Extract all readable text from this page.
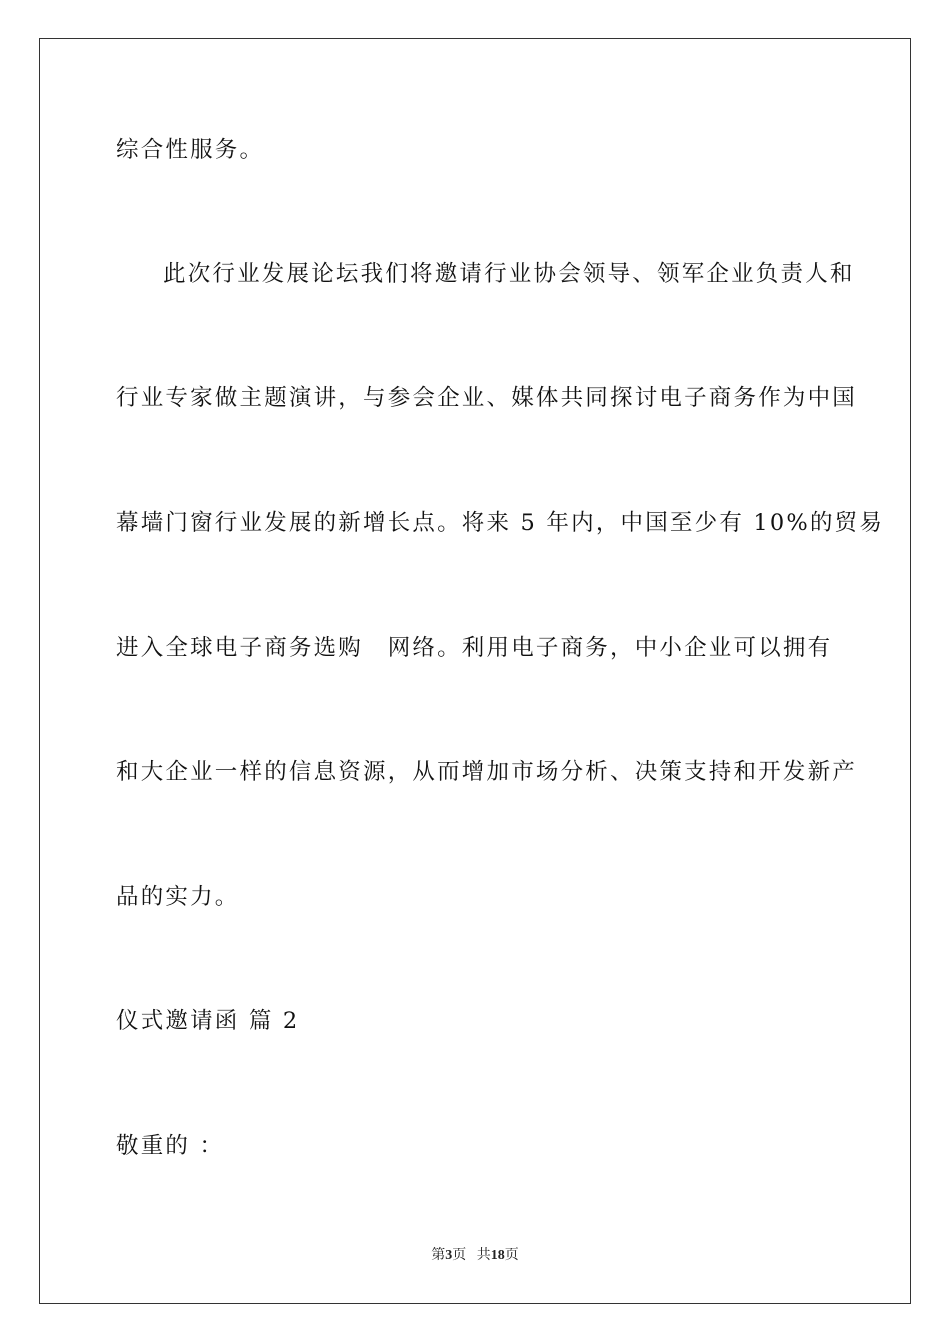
综合性服务。
此次行业发展论坛我们将邀请行业协会领导、领军企业负责人和
行业专家做主题演讲，与参会企业、媒体共同探讨电子商务作为中国
幕墙门窗行业发展的新增长点。将来 5 年内，中国至少有 10%的贸易
进入全球电子商务选购　网络。利用电子商务，中小企业可以拥有
和大企业一样的信息资源，从而增加市场分析、决策支持和开发新产
品的实力。
仪式邀请函 篇 2
敬重的 ：
第3页 共18页
